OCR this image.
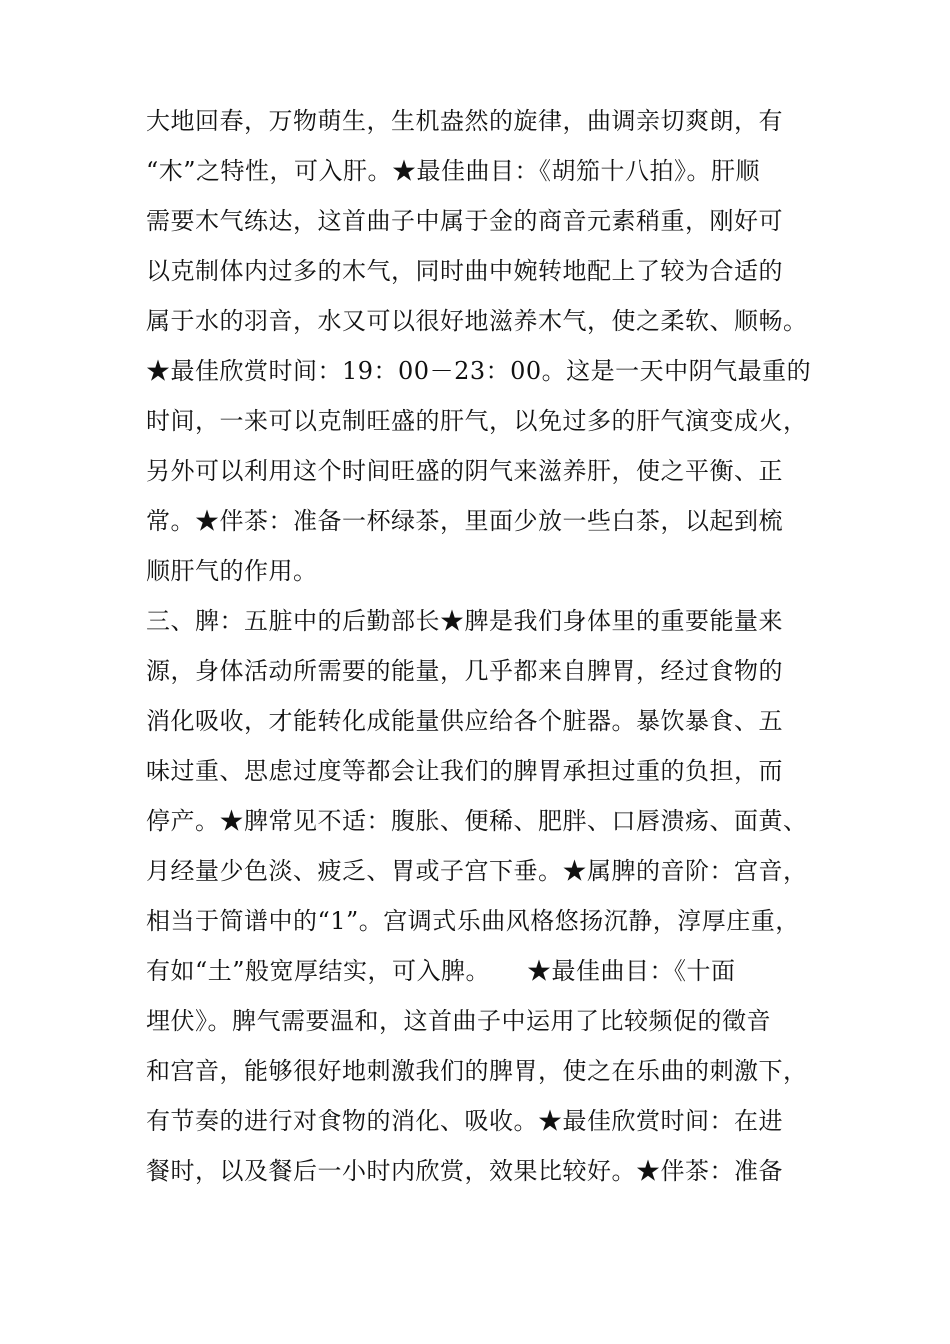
大地回春，万物萌生，生机盎然的旋律，曲调亲切爽朗，有
“木”之特性，可入肝。★最佳曲目：《胡笳十八拍》。肝顺
需要木气练达，这首曲子中属于金的商音元素稍重，刚好可
以克制体内过多的木气，同时曲中婉转地配上了较为合适的
属于水的羽音，水又可以很好地滋养木气，使之柔软、顺畅。
★最佳欣赏时间：19：00－23：00。这是一天中阴气最重的
时间，一来可以克制旺盛的肝气，以免过多的肝气演变成火，
另外可以利用这个时间旺盛的阴气来滋养肝，使之平衡、正
常。★伴茶：准备一杯绿茶，里面少放一些白茶，以起到梳
顺肝气的作用。
三、脾：五脏中的后勤部长★脾是我们身体里的重要能量来
源，身体活动所需要的能量，几乎都来自脾胃，经过食物的
消化吸收，才能转化成能量供应给各个脏器。暴饮暴食、五
味过重、思虑过度等都会让我们的脾胃承担过重的负担，而
停产。★脾常见不适：腹胀、便稀、肥胖、口唇溃疡、面黄、
月经量少色淡、疲乏、胃或子宫下垂。★属脾的音阶：宫音，
相当于简谱中的“1”。宫调式乐曲风格悠扬沉静，淳厚庄重，
有如“土”般宽厚结实，可入脾。　　★最佳曲目：《十面
埋伏》。脾气需要温和，这首曲子中运用了比较频促的徵音
和宫音，能够很好地刺激我们的脾胃，使之在乐曲的刺激下，
有节奏的进行对食物的消化、吸收。★最佳欣赏时间：在进
餐时，以及餐后一小时内欣赏，效果比较好。★伴茶：准备
